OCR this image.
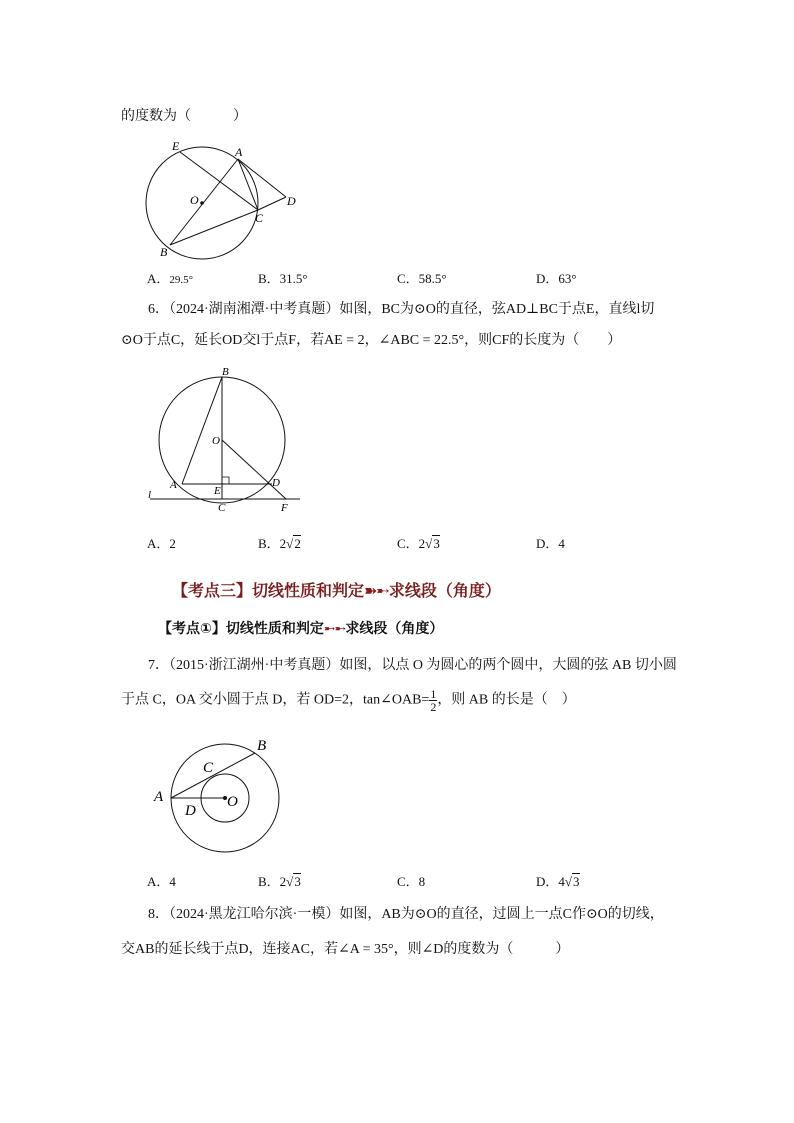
的度数为（　　　）
E	A
O	D
C
B
A．29.5°	B．31.5°	C．58.5°	D．63°
6．（2024·湖南湘潭·中考真题）如图，BC为⊙O的直径，弦AD⊥BC于点E，直线l切
⊙O于点C，延长OD交l于点F，若AE = 2，∠ABC = 22.5°，则CF的长度为（　　）
B
O
A	E
D
l
C	F
A．2	B．2√2	C．2√3	D．4
【考点三】切线性质和判定➽➸求线段（角度）
【考点①】切线性质和判定➸➸求线段（角度）
7．（2015·浙江湖州·中考真题）如图，以点 O 为圆心的两个圆中，大圆的弦 AB 切小圆
于点 C，OA 交小圆于点 D，若 OD=2，tan∠OAB= $\frac{1}{2}$ ，则 AB 的长是（　）
B
C
A
D
O
A．4	B．2√3	C．8	D．4√3
8．（2024·黑龙江哈尔滨·一模）如图，AB为⊙O的直径，过圆上一点C作⊙O的切线，
交AB的延长线于点D，连接AC，若∠A = 35°，则∠D的度数为（　　　）
